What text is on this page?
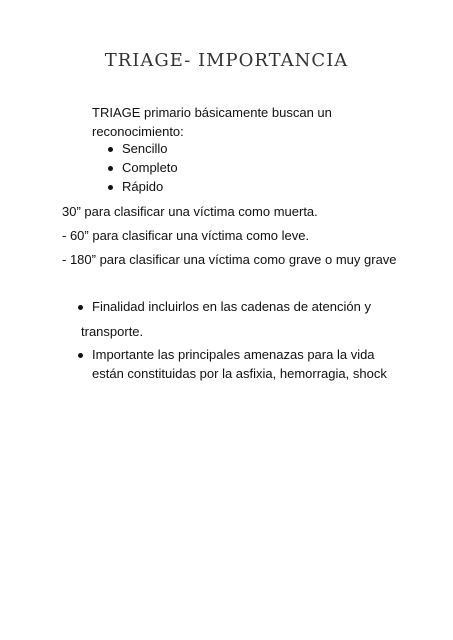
TRIAGE- IMPORTANCIA
TRIAGE primario básicamente buscan un
reconocimiento:
Sencillo
Completo
Rápido
30” para clasificar una víctima como muerta.
- 60” para clasificar una víctima como leve.
- 180” para clasificar una víctima como grave o muy grave
Finalidad incluirlos en las cadenas de atención y
transporte.
Importante las principales amenazas para la vida
están constituidas por la asfixia, hemorragia, shock
